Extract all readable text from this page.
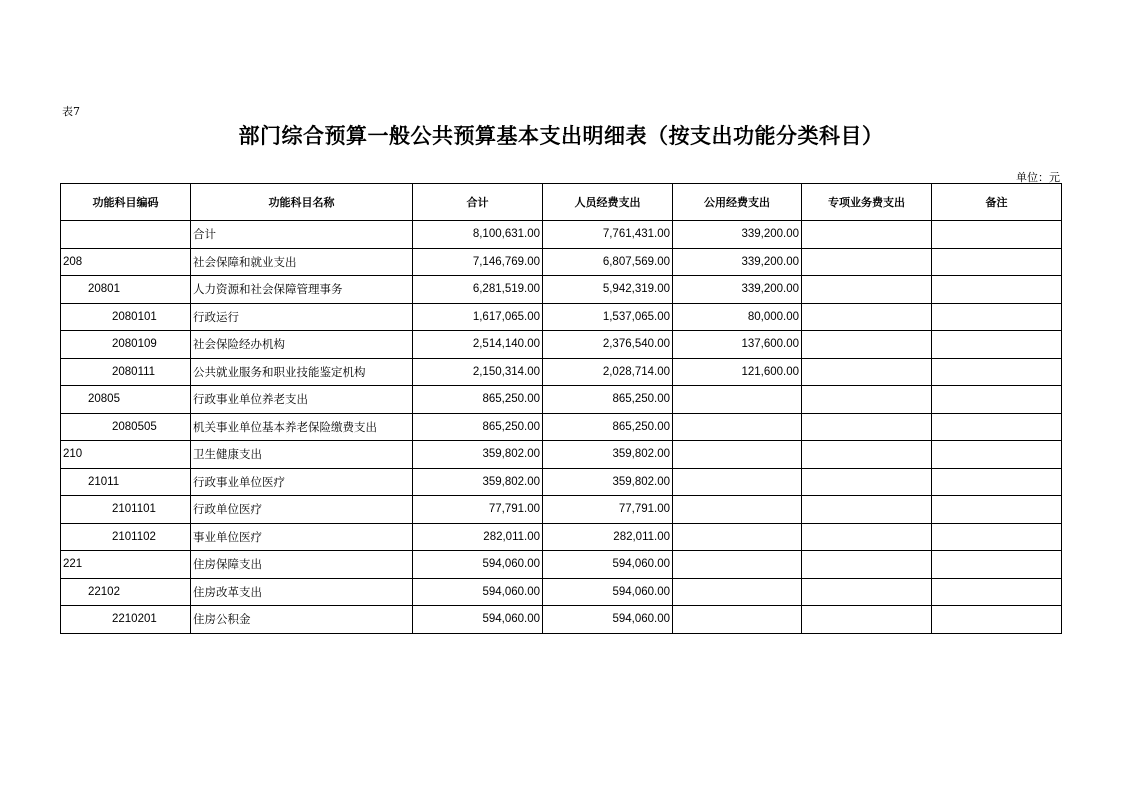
表7
部门综合预算一般公共预算基本支出明细表（按支出功能分类科目）
单位：元
功能科目编码	功能科目名称	合计	人员经费支出	公用经费支出	专项业务费支出	备注
	合计	8,100,631.00	7,761,431.00	339,200.00		
208	社会保障和就业支出	7,146,769.00	6,807,569.00	339,200.00		
20801	人力资源和社会保障管理事务	6,281,519.00	5,942,319.00	339,200.00		
2080101	行政运行	1,617,065.00	1,537,065.00	80,000.00		
2080109	社会保险经办机构	2,514,140.00	2,376,540.00	137,600.00		
2080111	公共就业服务和职业技能鉴定机构	2,150,314.00	2,028,714.00	121,600.00		
20805	行政事业单位养老支出	865,250.00	865,250.00			
2080505	机关事业单位基本养老保险缴费支出	865,250.00	865,250.00			
210	卫生健康支出	359,802.00	359,802.00			
21011	行政事业单位医疗	359,802.00	359,802.00			
2101101	行政单位医疗	77,791.00	77,791.00			
2101102	事业单位医疗	282,011.00	282,011.00			
221	住房保障支出	594,060.00	594,060.00			
22102	住房改革支出	594,060.00	594,060.00			
2210201	住房公积金	594,060.00	594,060.00			
